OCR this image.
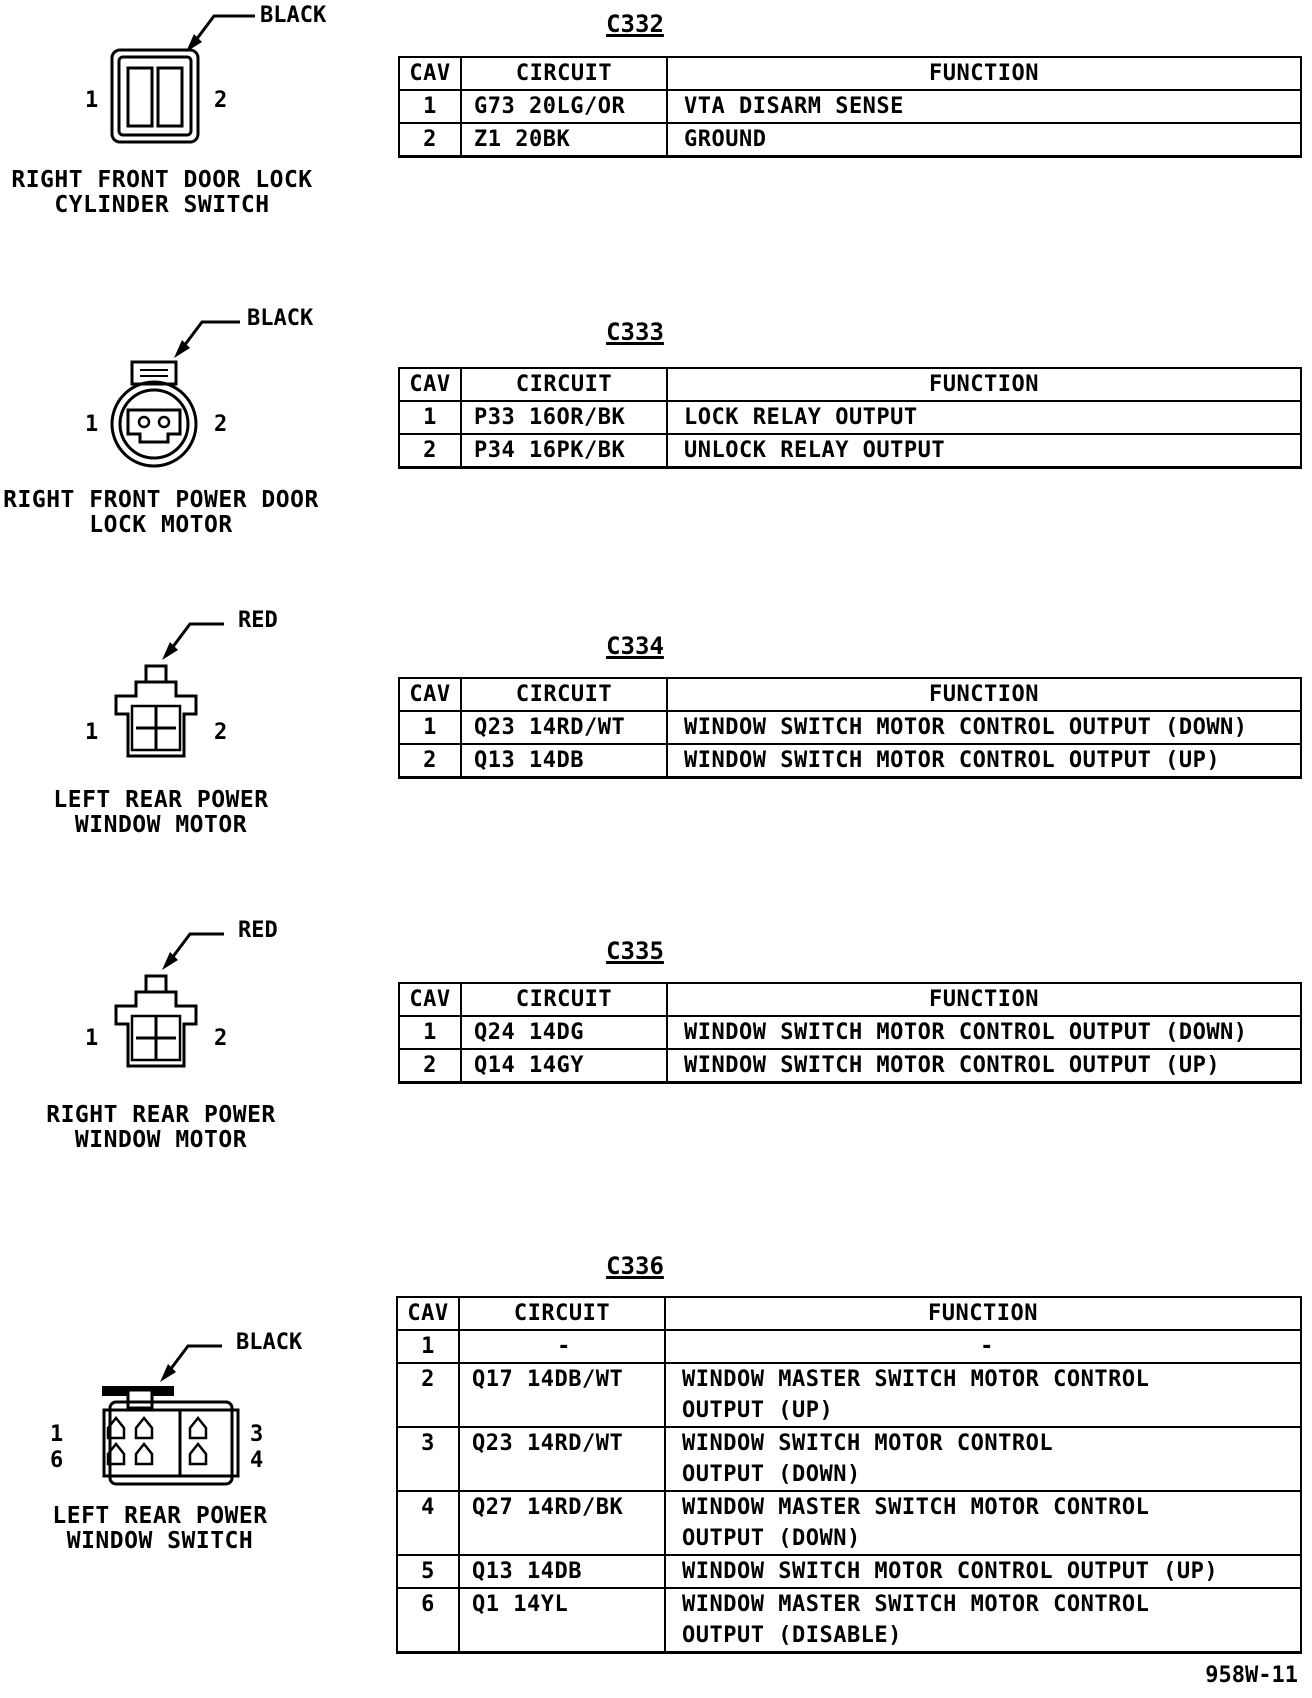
BLACK
1	2
RIGHT FRONT DOOR LOCK
CYLINDER SWITCH
C332
CAV	CIRCUIT	FUNCTION
1	G73 20LG/OR	VTA DISARM SENSE
2	Z1 20BK	GROUND
BLACK
1	2
RIGHT FRONT POWER DOOR
LOCK MOTOR
C333
CAV	CIRCUIT	FUNCTION
1	P33 16OR/BK	LOCK RELAY OUTPUT
2	P34 16PK/BK	UNLOCK RELAY OUTPUT
RED
1	2
LEFT REAR POWER
WINDOW MOTOR
C334
CAV	CIRCUIT	FUNCTION
1	Q23 14RD/WT	WINDOW SWITCH MOTOR CONTROL OUTPUT (DOWN)
2	Q13 14DB	WINDOW SWITCH MOTOR CONTROL OUTPUT (UP)
RED
1	2
RIGHT REAR POWER
WINDOW MOTOR
C335
CAV	CIRCUIT	FUNCTION
1	Q24 14DG	WINDOW SWITCH MOTOR CONTROL OUTPUT (DOWN)
2	Q14 14GY	WINDOW SWITCH MOTOR CONTROL OUTPUT (UP)
BLACK
1
6
3
4
LEFT REAR POWER
WINDOW SWITCH
C336
CAV	CIRCUIT	FUNCTION
1	-	-
2	Q17 14DB/WT	WINDOW MASTER SWITCH MOTOR CONTROL
OUTPUT (UP)

3	Q23 14RD/WT	WINDOW SWITCH MOTOR CONTROL
OUTPUT (DOWN)

4	Q27 14RD/BK	WINDOW MASTER SWITCH MOTOR CONTROL
OUTPUT (DOWN)

5	Q13 14DB	WINDOW SWITCH MOTOR CONTROL OUTPUT (UP)
6	Q1 14YL	WINDOW MASTER SWITCH MOTOR CONTROL
OUTPUT (DISABLE)
958W-11
